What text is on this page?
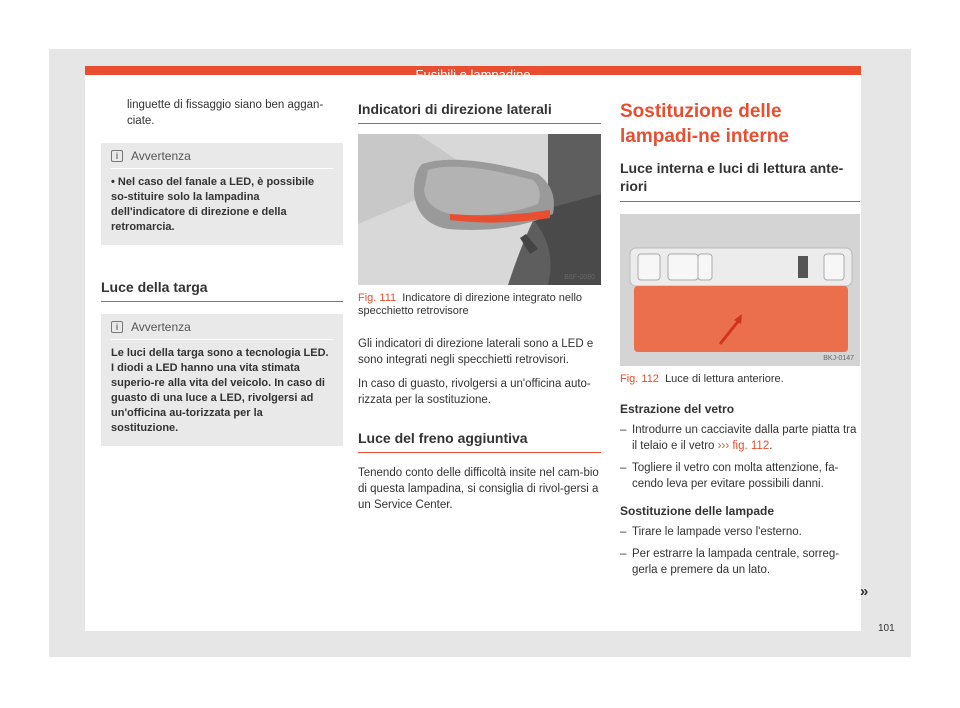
linguette di fissaggio siano ben aggan-ciate.

i	Avvertenza

• Nel caso del fanale a LED, è possibile so-stituire solo la lampadina dell'indicatore di direzione e della retromarcia.

Luce della targa
i	Avvertenza

Le luci della targa sono a tecnologia LED. I diodi a LED hanno una vita stimata superio-re alla vita del veicolo. In caso di guasto di una luce a LED, rivolgersi ad un'officina au-torizzata per la sostituzione.

Indicatori di direzione laterali
B6F-0080

Fig. 111 Indicatore di direzione integrato nello specchietto retrovisore

Gli indicatori di direzione laterali sono a LED e sono integrati negli specchietti retrovisori.

In caso di guasto, rivolgersi a un'officina auto-rizzata per la sostituzione.

Luce del freno aggiuntiva

Tenendo conto delle difficoltà insite nel cam-bio di questa lampadina, si consiglia di rivol-gersi a un Service Center.

Sostituzione delle lampadi-ne interne
Luce interna e luci di lettura ante-riori
BKJ-0147

Fig. 112 Luce di lettura anteriore.

Estrazione del vetro

– Introdurre un cacciavite dalla parte piatta tra il telaio e il vetro ››› fig. 112.
– Togliere il vetro con molta attenzione, fa-cendo leva per evitare possibili danni.

Sostituzione delle lampade

– Tirare le lampade verso l'esterno.
– Per estrarre la lampada centrale, sorreg-gerla e premere da un lato.
»
101
